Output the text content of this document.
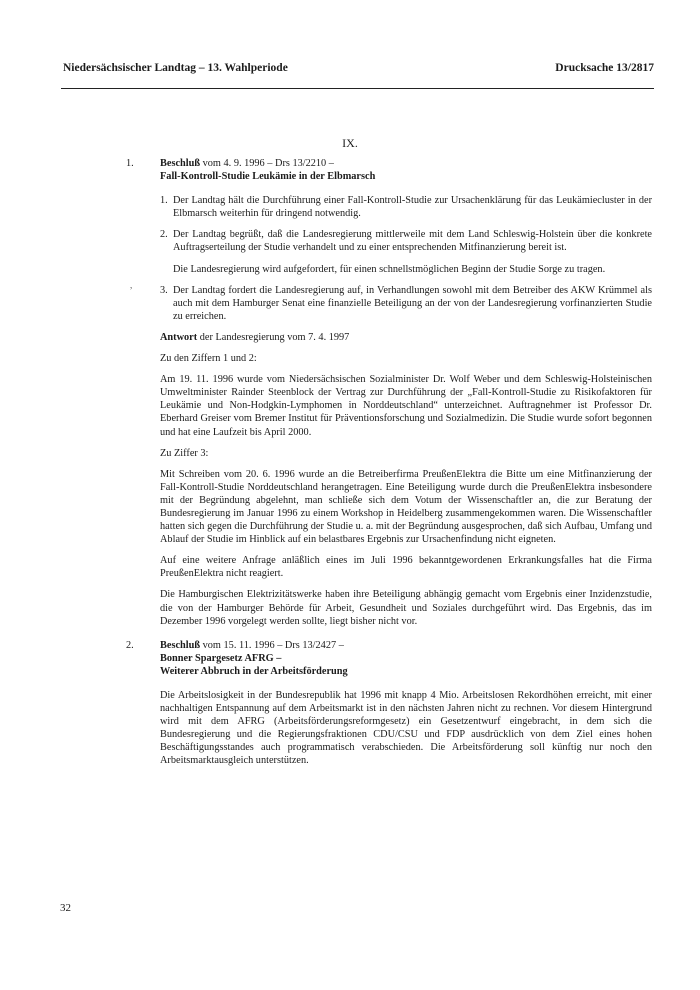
Niedersächsischer Landtag – 13. Wahlperiode	Drucksache 13/2817
IX.
,
1.	Beschluß vom 4. 9. 1996 – Drs 13/2210 –
Fall-Kontroll-Studie Leukämie in der Elbmarsch
1. Der Landtag hält die Durchführung einer Fall-Kontroll-Studie zur Ursachenklärung für das Leukämiecluster in der Elbmarsch weiterhin für dringend notwendig.

2. Der Landtag begrüßt, daß die Landesregierung mittlerweile mit dem Land Schleswig-Holstein über die konkrete Auftragserteilung der Studie verhandelt und zu einer entsprechenden Mitfinanzierung bereit ist.

Die Landesregierung wird aufgefordert, für einen schnellstmöglichen Beginn der Studie Sorge zu tragen.

3. Der Landtag fordert die Landesregierung auf, in Verhandlungen sowohl mit dem Betreiber des AKW Krümmel als auch mit dem Hamburger Senat eine finanzielle Beteiligung an der von der Landesregierung vorfinanzierten Studie zu erreichen.

Antwort der Landesregierung vom 7. 4. 1997

Zu den Ziffern 1 und 2:

Am 19. 11. 1996 wurde vom Niedersächsischen Sozialminister Dr. Wolf Weber und dem Schleswig-Holsteinischen Umweltminister Rainder Steenblock der Vertrag zur Durchführung der „Fall-Kontroll-Studie zu Risikofaktoren für Leukämie und Non-Hodgkin-Lymphomen in Norddeutschland“ unterzeichnet. Auftragnehmer ist Professor Dr. Eberhard Greiser vom Bremer Institut für Präventionsforschung und Sozialmedizin. Die Studie wurde sofort begonnen und hat eine Laufzeit bis April 2000.

Zu Ziffer 3:

Mit Schreiben vom 20. 6. 1996 wurde an die Betreiberfirma PreußenElektra die Bitte um eine Mitfinanzierung der Fall-Kontroll-Studie Norddeutschland herangetragen. Eine Beteiligung wurde durch die PreußenElektra insbesondere mit der Begründung abgelehnt, man schließe sich dem Votum der Wissenschaftler an, die zur Beratung der Bundesregierung im Januar 1996 zu einem Workshop in Heidelberg zusammengekommen waren. Die Wissenschaftler hatten sich gegen die Durchführung der Studie u. a. mit der Begründung ausgesprochen, daß sich Aufbau, Umfang und Ablauf der Studie im Hinblick auf ein belastbares Ergebnis zur Ursachenfindung nicht eigneten.

Auf eine weitere Anfrage anläßlich eines im Juli 1996 bekanntgewordenen Erkrankungsfalles hat die Firma PreußenElektra nicht reagiert.

Die Hamburgischen Elektrizitätswerke haben ihre Beteiligung abhängig gemacht vom Ergebnis einer Inzidenzstudie, die von der Hamburger Behörde für Arbeit, Gesundheit und Soziales durchgeführt wird. Das Ergebnis, das im Dezember 1996 vorgelegt werden sollte, liegt bisher nicht vor.

2.	Beschluß vom 15. 11. 1996 – Drs 13/2427 –
Bonner Spargesetz AFRG –
Weiterer Abbruch in der Arbeitsförderung

Die Arbeitslosigkeit in der Bundesrepublik hat 1996 mit knapp 4 Mio. Arbeitslosen Rekordhöhen erreicht, mit einer nachhaltigen Entspannung auf dem Arbeitsmarkt ist in den nächsten Jahren nicht zu rechnen. Vor diesem Hintergrund wird mit dem AFRG (Arbeitsförderungsreformgesetz) ein Gesetzentwurf eingebracht, in dem sich die Bundesregierung und die Regierungsfraktionen CDU/CSU und FDP ausdrücklich von dem Ziel eines hohen Beschäftigungsstandes auch programmatisch verabschieden. Die Arbeitsförderung soll künftig nur noch den Arbeitsmarktausgleich unterstützen.

32
